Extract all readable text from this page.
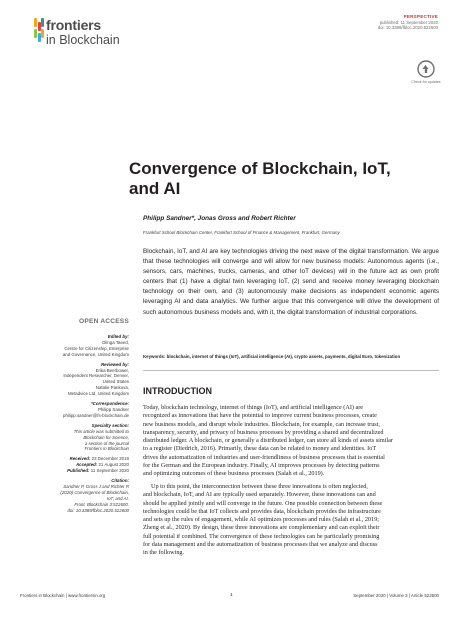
frontiers
in Blockchain
PERSPECTIVE
published: 11 September 2020
doi: 10.3389/fbloc.2020.522600
Check for updates
Convergence of Blockchain, IoT, and AI
Philipp Sandner*, Jonas Gross and Robert Richter
Frankfurt School Blockchain Center, Frankfurt School of Finance & Management, Frankfurt, Germany
Blockchain, IoT, and AI are key technologies driving the next wave of the digital transformation. We argue that these technologies will converge and will allow for new business models: Autonomous agents (i.e., sensors, cars, machines, trucks, cameras, and other IoT devices) will in the future act as own profit centers that (1) have a digital twin leveraging IoT, (2) send and receive money leveraging blockchain technology on their own, and (3) autonomously make decisions as independent economic agents leveraging AI and data analytics. We further argue that this convergence will drive the development of such autonomous business models and, with it, the digital transformation of industrial corporations.
Keywords: blockchain, internet of things (IoT), artificial intelligence (AI), crypto assets, payments, digital Euro, tokenization
INTRODUCTION
Today, blockchain technology, internet of things (IoT), and artificial intelligence (AI) are
recognized as innovations that have the potential to improve current business processes, create
new business models, and disrupt whole industries. Blockchain, for example, can increase trust,
transparency, security, and privacy of business processes by providing a shared and decentralized
distributed ledger. A blockchain, or generally a distributed ledger, can store all kinds of assets similar
to a register (Diedrich, 2016). Primarily, these data can be related to money and identities. IoT
drives the automatization of industries and user-friendliness of business processes that is essential
for the German and the European industry. Finally, AI improves processes by detecting patterns
and optimizing outcomes of these business processes (Salah et al., 2019).
Up to this point, the interconnection between these three innovations is often neglected,
and blockchain, IoT, and AI are typically used separately. However, these innovations can and
should be applied jointly and will converge in the future. One possible connection between these
technologies could be that IoT collects and provides data, blockchain provides the infrastructure
and sets up the rules of engagement, while AI optimizes processes and rules (Salah et al., 2019;
Zheng et al., 2020). By design, these three innovations are complementary and can exploit their
full potential if combined. The convergence of these technologies can be particularly promising
for data management and the automatization of business processes that we analyze and discuss
in the following.
OPEN ACCESS
Edited by:
Olinga Taeed,
Centre for Citizenship, Enterprise
and Governance, United Kingdom
Reviewed by:
Erika Beerbower,
Independent Researcher, Denver,
United States
Natalie Pankova,
Metadvice Ltd, United Kingdom
*Correspondence:
Philipp Sandner
philipp.sandner@fs-blockchain.de
Specialty section:
This article was submitted to
Blockchain for Science,
a section of the journal
Frontiers in Blockchain
Received: 23 December 2019
Accepted: 21 August 2020
Published: 11 September 2020
Citation:
Sandner P, Gross J and Richter R
(2020) Convergence of Blockchain,
IoT, and AI.
Front. Blockchain 3:522600.
doi: 10.3389/fbloc.2020.522600
Frontiers in Blockchain | www.frontiersin.org	1	September 2020 | Volume 3 | Article 522600
